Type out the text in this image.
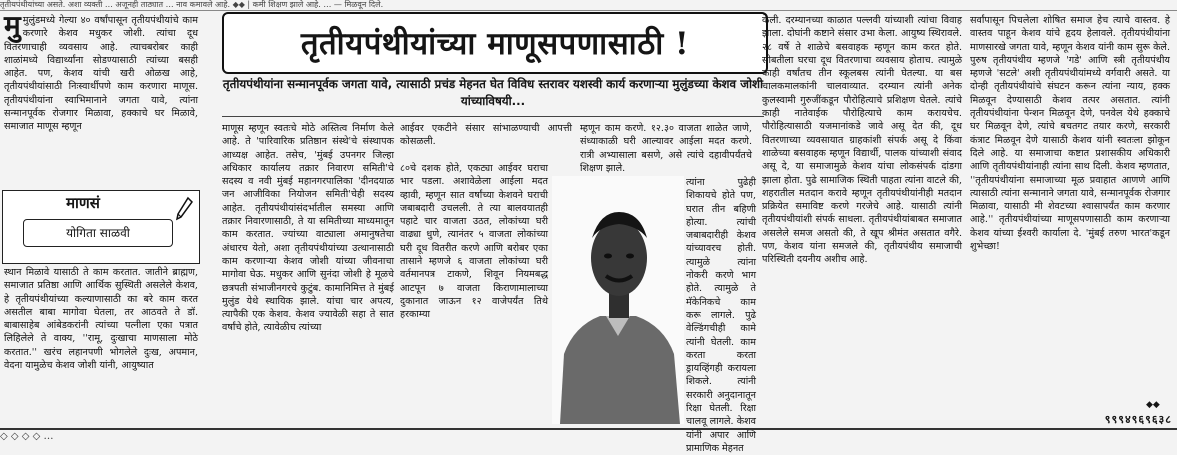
तृतीयपंथीयांच्या असते. अशा व्यक्ती … अजूनही ताठ्यात … नाव कमावले आहे. ◆◆ | कमी शिक्षण झाले आहे. … — मिळवून दिले.

मुमुलुंडमध्ये गेल्या ४० वर्षांपासून तृतीयपंथीयांचे काम करणारे केशव मधुकर जोशी. त्यांचा दूध वितरणाचाही व्यवसाय आहे. त्याचबरोबर काही शाळांमध्ये विद्यार्थ्यांना सोडण्यासाठी त्यांच्या बसही आहेत. पण, केशव यांची खरी ओळख आहे, तृतीयपंथीयांसाठी निःस्वार्थीपणे काम करणारा माणूस. तृतीयपंथीयांना स्वाभिमानाने जगता यावे, त्यांना सन्मानपूर्वक रोजगार मिळावा, हक्काचे घर मिळावे, समाजात माणूस म्हणून

माणसं
योगिता साळवी

स्थान मिळावे यासाठी ते काम करतात. जातीने ब्राह्मण, समाजात प्रतिष्ठा आणि आर्थिक सुस्थिती असलेले केशव, हे तृतीयपंथीयांच्या कल्याणासाठी का बरे काम करत असतील बाबा मागोवा घेतला, तर आठवते ते डॉ. बाबासाहेब आंबेडकरांनी त्यांच्या पत्नीला एका पत्रात लिहिलेले ते वाक्य, ''रामू, दुःखाचा माणसाला मोठे करतात.'' खरंच लहानपणी भोगलेले दुःख, अपमान, वेदना यामुळेच केशव जोशी यांनी, आयुष्यात

तृतीयपंथीयांच्या माणूसपणासाठी !
तृतीयपंथीयांना सन्मानपूर्वक जगता यावे, त्यासाठी प्रचंड मेहनत घेत विविध स्तरावर यशस्वी कार्य करणाऱ्या मुलुंडच्या केशव जोशी यांच्याविषयी...

माणूस म्हणून स्वतःचे मोठे अस्तित्व निर्माण केले आहे. ते 'पारिवारिक प्रतिष्ठान संस्थे'चे संस्थापक आध्यक्ष आहेत. तसेच, 'मुंबई उपनगर जिल्हा अधिकार कार्यालय तक्रार निवारण समिती'चे सदस्य व नवी मुंबई महानगरपालिका 'दीनदयाळ जन आजीविका नियोजन समिती'चेही सदस्य आहेत. तृतीयपंथीयांसंदर्भातील समस्या आणि तक्रार निवारणासाठी, ते या समितीच्या माध्यमातून काम करतात. ज्यांच्या वाट्याला अमानुषतेचा अंधारच येतो, अशा तृतीयपंथीयांच्या उत्थानासाठी काम करणाऱ्या केशव जोशी यांच्या जीवनाचा मागोवा घेऊ. मधुकर आणि सुनंदा जोशी हे मूळचे छत्रपती संभाजीनगरचे कुटुंब. कामानिमित्त ते मुंबई मुलुंड येथे स्थायिक झाले. यांचा चार अपत्य, त्यापैकी एक केशव. केशव ज्यावेळी सहा ते सात वर्षांचे होते, त्यावेळीच त्यांच्या

आईवर एकटीने संसार सांभाळण्याची आपत्ती कोसळली.

८०चे दशक होते, एकट्या आईवर घराचा भार पडला. अशावेळेला आईला मदत व्हावी, म्हणून सात वर्षांच्या केशवने घराची जबाबदारी उचलली. ते त्या बालवयातही पहाटे चार वाजता उठत, लोकांच्या घरी वाढ्या धुणे, त्यानंतर ५ वाजता लोकांच्या घरी दूध वितरीत करणे आणि बरोबर एका तासाने म्हणजे ६ वाजता लोकांच्या घरी वर्तमानपत्र टाकणे, शिवून नियमबद्ध आटपून ७ वाजता किराणामालाच्या दुकानात जाऊन १२ वाजेपर्यंत तिथे हरकाम्या

म्हणून काम करणे. १२.३० वाजता शाळेत जाणे, संध्याकाळी घरी आल्यावर आईला मदत करणे. रात्री अभ्यासाला बसणे, असे त्यांचे दहावीपर्यंतचे शिक्षण झाले.

त्यांना पुढेही शिकायचे होते पण, घरात तीन बहिणी होत्या. त्यांची जबाबदारीही केशव यांच्यावरच होती. त्यामुळे त्यांना नोकरी करणे भाग होते. त्यामुळे ते मॅकेनिकचे काम करू लागले. पुढे वेल्डिंगचीही कामे त्यांनी घेतली. काम करता करता ड्रायव्हिंगही करायला शिकले. त्यांनी सरकारी अनुदानातून रिक्षा घेतली. रिक्षा चालवू लागले. केशव यांनी अपार आणि प्रामाणिक मेहनत

केली. दरम्यानच्या काळात पल्लवी यांच्याशी त्यांचा विवाह झाला. दोघांनी कष्टाने संसार उभा केला. आयुष्य स्थिरावले. २८ वर्षे ते शाळेचे बसवाहक म्हणून काम करत होते. सोबतीला घरचा दूध वितरणाचा व्यवसाय होताच. त्यामुळे काही वर्षांतच तीन स्कूलबस त्यांनी घेतल्या. या बस चालकमालकांनी चालवाव्यात. दरम्यान त्यांनी अनेक कुलस्वामी गुरुजींकडून पौरोहित्याचे प्रशिक्षण घेतले. त्यांचे काही नातेवाईक पौरोहित्याचे काम करायचेच. पौरोहित्यासाठी यजमानांकडे जावे असू देत की, दूध वितरणाच्या व्यवसायात ग्राहकांशी संपर्क असू दे किंवा शाळेच्या बसवाहक म्हणून विद्यार्थी, पालक यांच्याशी संवाद असू दे, या समाजामुळे केशव यांचा लोकसंपर्क दांडगा झाला होता. पुढे सामाजिक स्थिती पाहता त्यांना वाटले की, शहरातील मतदान करावे म्हणून तृतीयपंथीयांनीही मतदान प्रक्रियेत समाविष्ट करणे गरजेचे आहे. यासाठी त्यांनी तृतीयपंथीयांशी संपर्क साधला. तृतीयपंथीयांबाबत समाजात असलेले समज असतो की, ते खूप श्रीमंत असतात वगैरे. पण, केशव यांना समजले की, तृतीयपंथीय समाजाची परिस्थिती दयनीय अशीच आहे.

सर्वांपासून पिचलेला शोषित समाज हेच त्याचे वास्तव. हे वास्तव पाहून केशव यांचे हृदय हेलावले. तृतीयपंथीयांना माणसारखे जगता यावे, म्हणून केशव यांनी काम सुरू केले. पुरुष तृतीयपंथीय म्हणजे 'गडे' आणि स्त्री तृतीयपंथीय म्हणजे 'सटले' अशी तृतीयपंथीयांमध्ये वर्गवारी असते. या दोन्ही तृतीयपंथीयांचे संघटन करून त्यांना न्याय, हक्क मिळवून देण्यासाठी केशव तत्पर असतात. त्यांनी तृतीयपंथीयांना पेन्शन मिळवून देणे, पनवेल येथे हक्काचे घर मिळवून देणे, त्यांचे बचतगट तयार करणे, सरकारी कंत्राट मिळवून देणे यासाठी केशव यांनी स्वतःला झोकून दिले आहे. या समाजाचा कष्टात प्रशासकीय अधिकारी आणि तृतीयपंथीयांनाही त्यांना साथ दिली. केशव म्हणतात, ''तृतीयपंथीयांना समाजाच्या मूळ प्रवाहात आणणे आणि त्यासाठी त्यांना सन्मानाने जगता यावे, सन्मानपूर्वक रोजगार मिळावा, यासाठी मी शेवटच्या श्वासापर्यंत काम करणार आहे.'' तृतीयपंथीयांच्या माणूसपणासाठी काम करणाऱ्या केशव यांच्या ईश्वरी कार्याला दे. 'मुंबई तरुण भारत'कडून शुभेच्छा!

◆◆
९९९४९६९६३८
◇ ◇ ◇ ◇ …
